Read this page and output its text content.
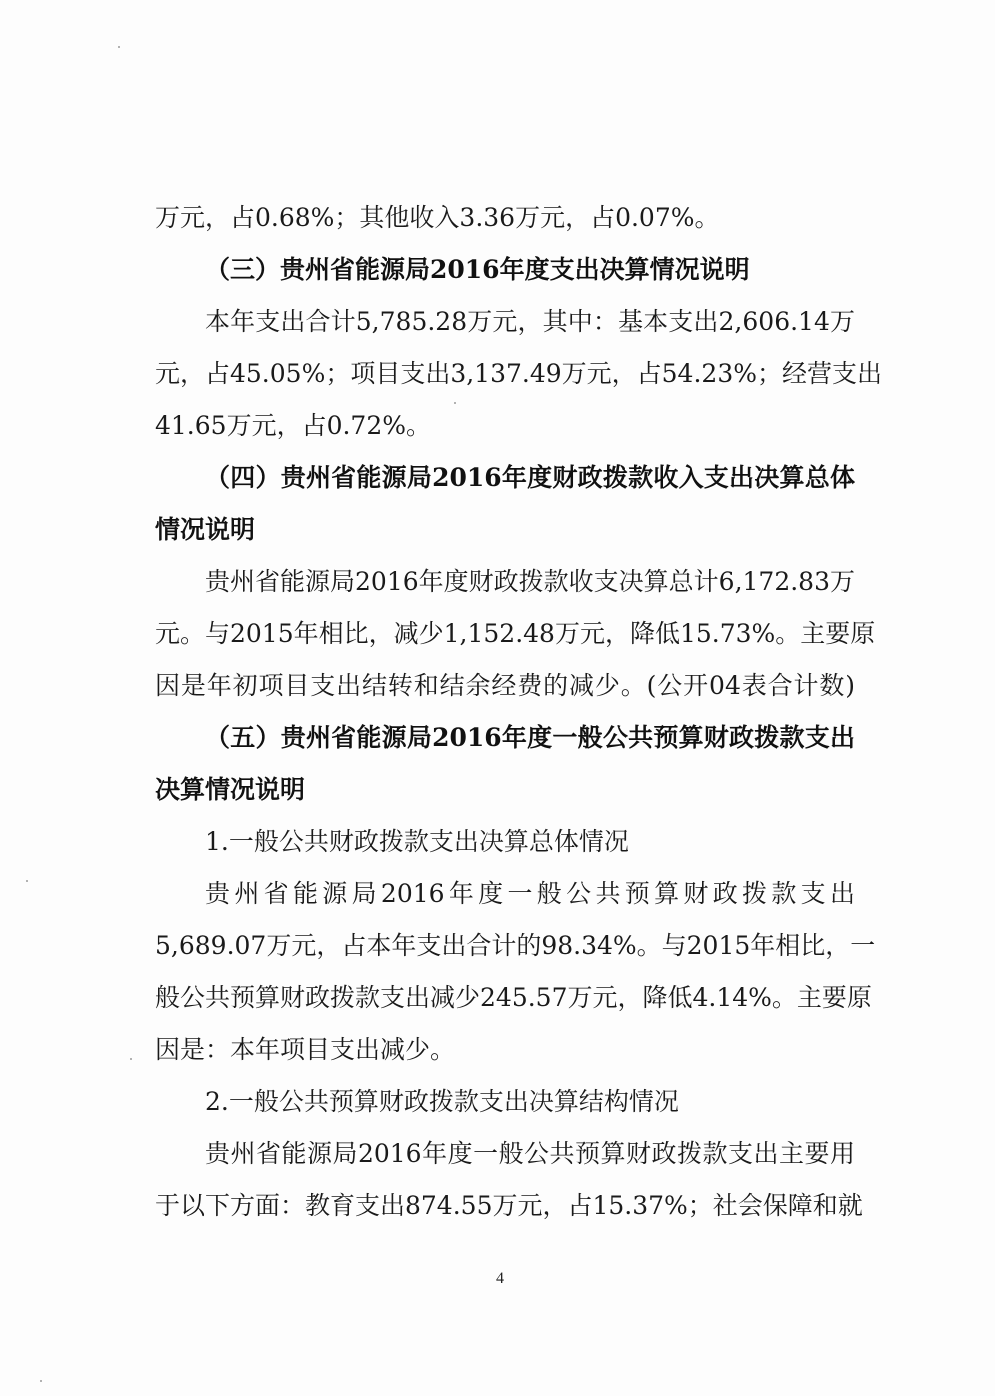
万元，占0.68%；其他收入3.36万元，占0.07%。
（三）贵州省能源局2016年度支出决算情况说明
本年支出合计5,785.28万元，其中：基本支出2,606.14万
元，占45.05%；项目支出3,137.49万元，占54.23%；经营支出
41.65万元，占0.72%。
（四）贵州省能源局2016年度财政拨款收入支出决算总体
情况说明
贵州省能源局2016年度财政拨款收支决算总计6,172.83万
元。与2015年相比，减少1,152.48万元，降低15.73%。主要原
因是年初项目支出结转和结余经费的减少。(公开04表合计数)
（五）贵州省能源局2016年度一般公共预算财政拨款支出
决算情况说明
1.一般公共财政拨款支出决算总体情况
贵州省能源局2016年度一般公共预算财政拨款支出
5,689.07万元，占本年支出合计的98.34%。与2015年相比，一
般公共预算财政拨款支出减少245.57万元，降低4.14%。主要原
因是：本年项目支出减少。
2.一般公共预算财政拨款支出决算结构情况
贵州省能源局2016年度一般公共预算财政拨款支出主要用
于以下方面：教育支出874.55万元，占15.37%；社会保障和就
4
